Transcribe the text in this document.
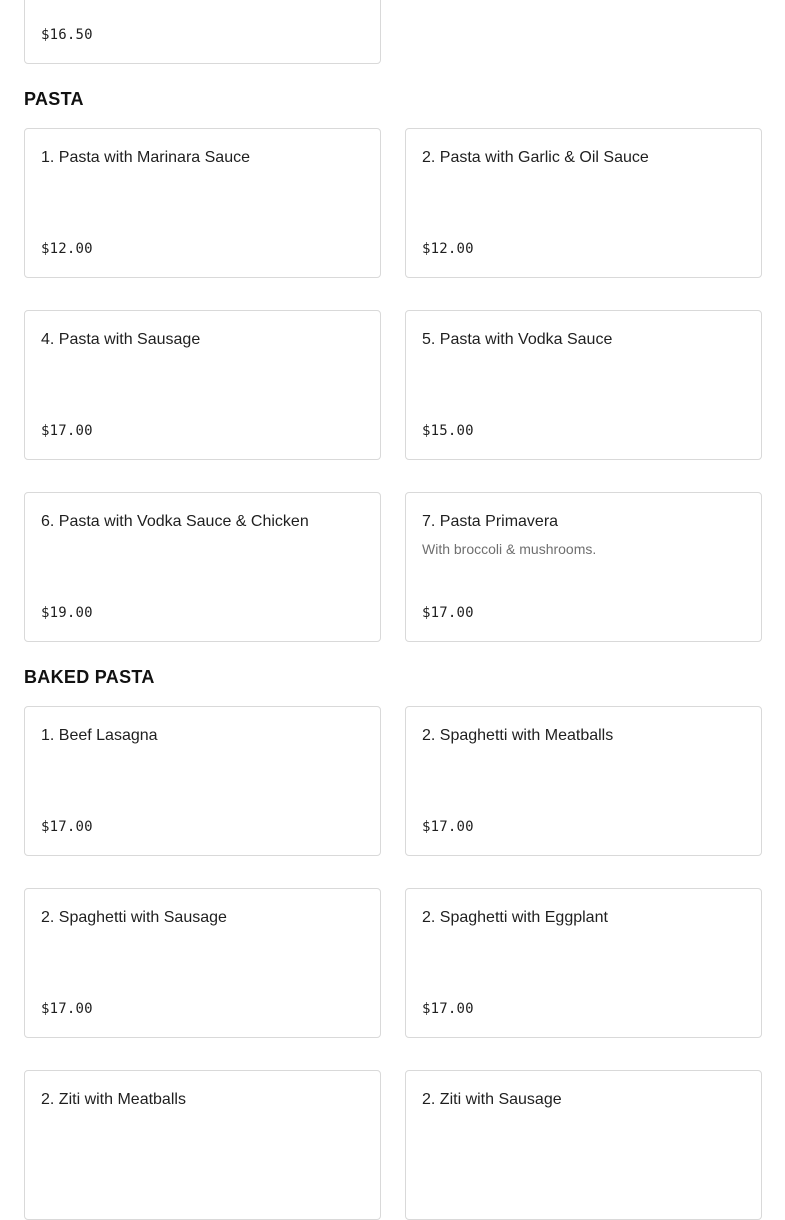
$16.50
PASTA
1. Pasta with Marinara Sauce
$12.00
2. Pasta with Garlic & Oil Sauce
$12.00
4. Pasta with Sausage
$17.00
5. Pasta with Vodka Sauce
$15.00
6. Pasta with Vodka Sauce & Chicken
$19.00
7. Pasta Primavera
With broccoli & mushrooms.
$17.00
BAKED PASTA
1. Beef Lasagna
$17.00
2. Spaghetti with Meatballs
$17.00
2. Spaghetti with Sausage
$17.00
2. Spaghetti with Eggplant
$17.00
2. Ziti with Meatballs	2. Ziti with Sausage
